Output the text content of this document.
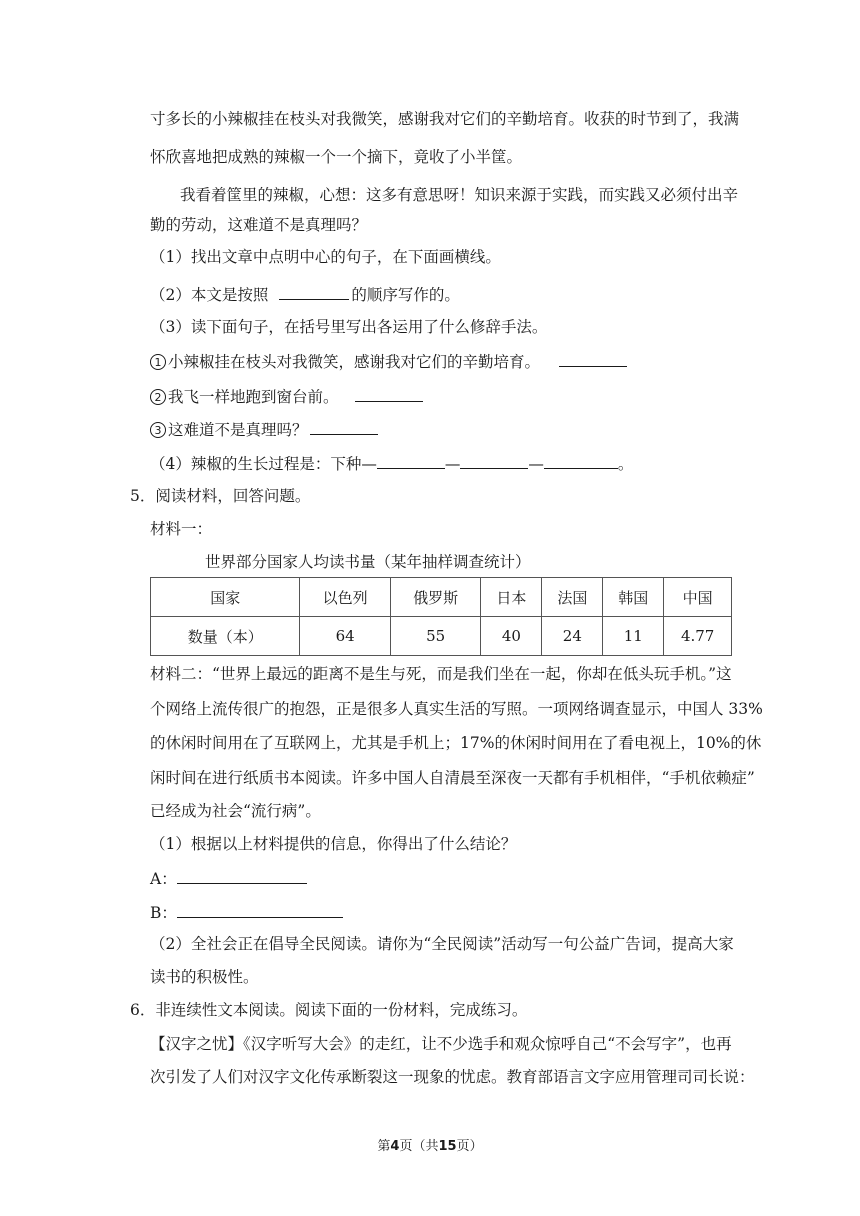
寸多长的小辣椒挂在枝头对我微笑，感谢我对它们的辛勤培育。收获的时节到了，我满
怀欣喜地把成熟的辣椒一个一个摘下，竟收了小半筐。
我看着筐里的辣椒，心想：这多有意思呀！知识来源于实践，而实践又必须付出辛
勤的劳动，这难道不是真理吗？
（1）找出文章中点明中心的句子，在下面画横线。
（2）本文是按照	的顺序写作的。
（3）读下面句子，在括号里写出各运用了什么修辞手法。
1 小辣椒挂在枝头对我微笑，感谢我对它们的辛勤培育。
2 我飞一样地跑到窗台前。
3 这难道不是真理吗？
（4）辣椒的生长过程是：下种—	—	—	。
5．阅读材料，回答问题。
材料一：
世界部分国家人均读书量（某年抽样调查统计）
国家	以色列	俄罗斯	日本	法国	韩国	中国
数量（本）	64	55	40	24	11	4.77
材料二：“世界上最远的距离不是生与死，而是我们坐在一起，你却在低头玩手机。”这
个网络上流传很广的抱怨，正是很多人真实生活的写照。一项网络调查显示，中国人 33%
的休闲时间用在了互联网上，尤其是手机上；17%的休闲时间用在了看电视上，10%的休
闲时间在进行纸质书本阅读。许多中国人自清晨至深夜一天都有手机相伴，“手机依赖症”
已经成为社会“流行病”。
（1）根据以上材料提供的信息，你得出了什么结论？
A：
B：
（2）全社会正在倡导全民阅读。请你为“全民阅读”活动写一句公益广告词，提高大家
读书的积极性。
6．非连续性文本阅读。阅读下面的一份材料，完成练习。
【汉字之忧】《汉字听写大会》的走红，让不少选手和观众惊呼自己“不会写字”，也再
次引发了人们对汉字文化传承断裂这一现象的忧虑。教育部语言文字应用管理司司长说：
第4页（共15页）
